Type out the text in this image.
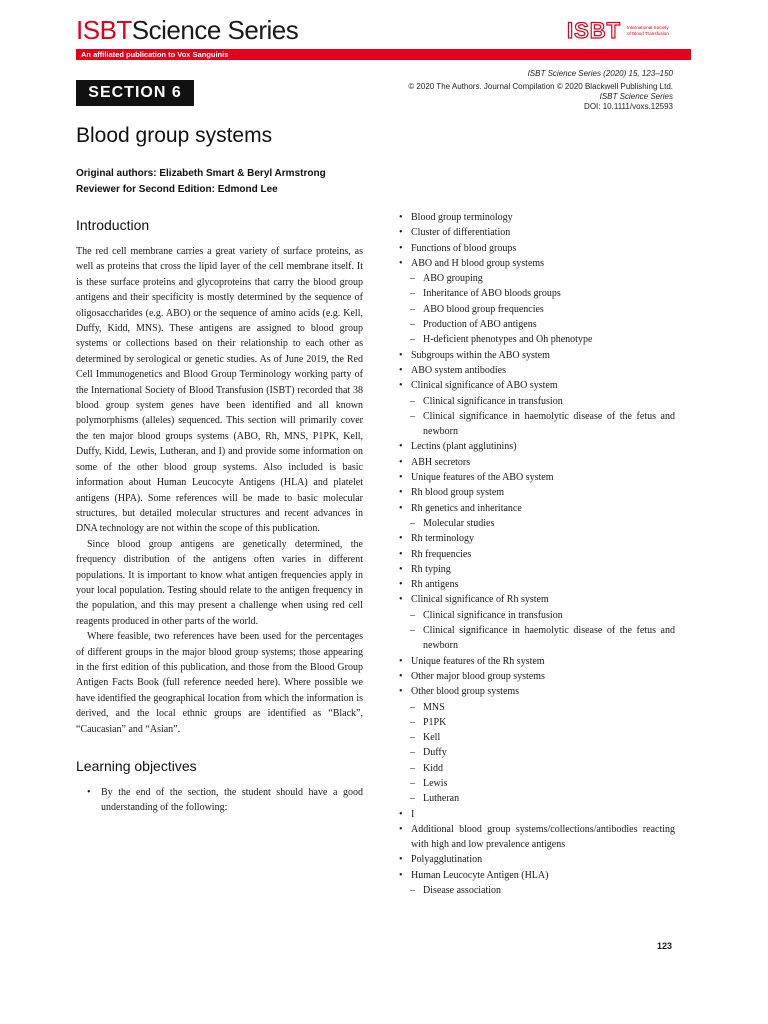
ISBTScience Series	ISBT International Society
of Blood Transfusion
An affiliated publication to Vox Sanguinis
SECTION 6
ISBT Science Series (2020) 15, 123–150
© 2020 The Authors. Journal Compilation © 2020 Blackwell Publishing Ltd.
ISBT Science Series
DOI: 10.1111/voxs.12593
Blood group systems
Original authors: Elizabeth Smart & Beryl Armstrong
Reviewer for Second Edition: Edmond Lee
Introduction

The red cell membrane carries a great variety of surface proteins, as well as proteins that cross the lipid layer of the cell membrane itself. It is these surface proteins and glycoproteins that carry the blood group antigens and their specificity is mostly determined by the sequence of oligosaccharides (e.g. ABO) or the sequence of amino acids (e.g. Kell, Duffy, Kidd, MNS). These antigens are assigned to blood group systems or collections based on their relationship to each other as determined by serological or genetic studies. As of June 2019, the Red Cell Immunogenetics and Blood Group Terminology working party of the International Society of Blood Transfusion (ISBT) recorded that 38 blood group system genes have been identified and all known polymorphisms (alleles) sequenced. This section will primarily cover the ten major blood groups systems (ABO, Rh, MNS, P1PK, Kell, Duffy, Kidd, Lewis, Lutheran, and I) and provide some information on some of the other blood group systems. Also included is basic information about Human Leucocyte Antigens (HLA) and platelet antigens (HPA). Some references will be made to basic molecular structures, but detailed molecular structures and recent advances in DNA technology are not within the scope of this publication.

Since blood group antigens are genetically determined, the frequency distribution of the antigens often varies in different populations. It is important to know what antigen frequencies apply in your local population. Testing should relate to the antigen frequency in the population, and this may present a challenge when using red cell reagents produced in other parts of the world.

Where feasible, two references have been used for the percentages of different groups in the major blood group systems; those appearing in the first edition of this publication, and those from the Blood Group Antigen Facts Book (full reference needed here). Where possible we have identified the geographical location from which the information is derived, and the local ethnic groups are identified as “Black”, “Caucasian” and “Asian”.

Learning objectives
• By the end of the section, the student should have a good understanding of the following:
• Blood group terminology
• Cluster of differentiation
• Functions of blood groups
• ABO and H blood group systems
‒ ABO grouping
‒ Inheritance of ABO bloods groups
‒ ABO blood group frequencies
‒ Production of ABO antigens
‒ H-deficient phenotypes and Oh phenotype
• Subgroups within the ABO system
• ABO system antibodies
• Clinical significance of ABO system
‒ Clinical significance in transfusion
‒ Clinical significance in haemolytic disease of the fetus and newborn
• Lectins (plant agglutinins)
• ABH secretors
• Unique features of the ABO system
• Rh blood group system
• Rh genetics and inheritance
‒ Molecular studies
• Rh terminology
• Rh frequencies
• Rh typing
• Rh antigens
• Clinical significance of Rh system
‒ Clinical significance in transfusion
‒ Clinical significance in haemolytic disease of the fetus and newborn
• Unique features of the Rh system
• Other major blood group systems
• Other blood group systems
‒ MNS
‒ P1PK
‒ Kell
‒ Duffy
‒ Kidd
‒ Lewis
‒ Lutheran
• I
• Additional blood group systems/collections/antibodies reacting with high and low prevalence antigens
• Polyagglutination
• Human Leucocyte Antigen (HLA)
‒ Disease association
123
